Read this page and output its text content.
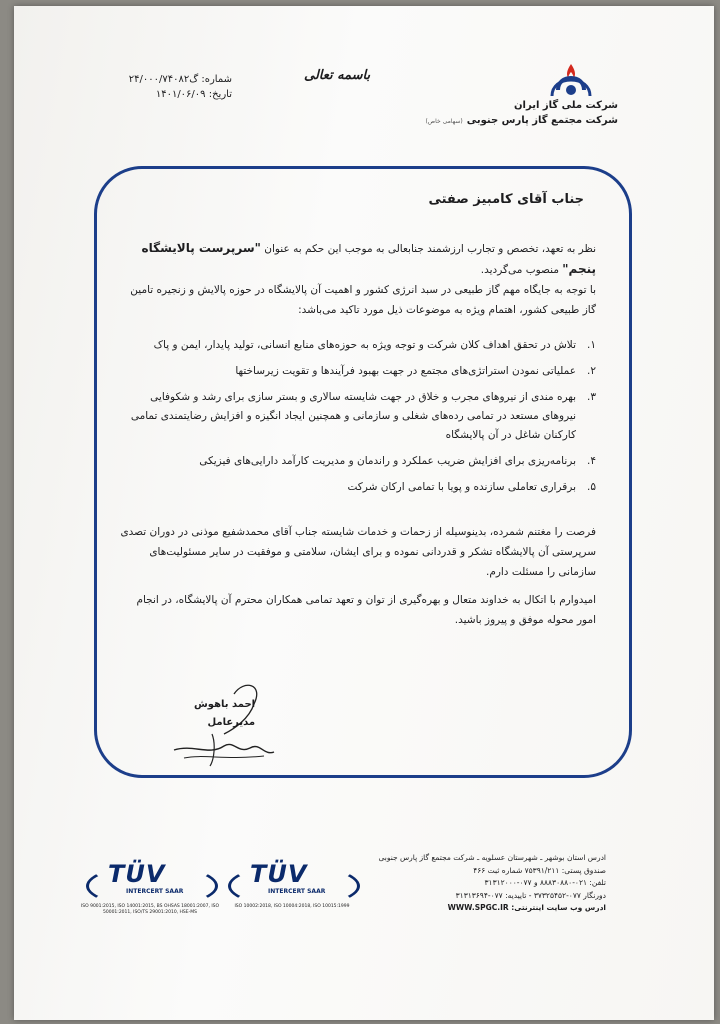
شرکت ملی گاز ایران
شرکت مجتمع گاز پارس جنوبی(سهامی خاص)
باسمه تعالی
شماره: گ۲۴/۰۰۰/۷۴۰۸۲
تاریخ: ۱۴۰۱/۰۶/۰۹
جناب آقای کامبیز صفتی
نظر به تعهد، تخصص و تجارب ارزشمند جنابعالی به موجب این حکم به عنوان "سرپرست پالایشگاه پنجم" منصوب می‌گردید.
با توجه به جایگاه مهم گاز طبیعی در سبد انرژی کشور و اهمیت آن پالایشگاه در حوزه پالایش و زنجیره تامین گاز طبیعی کشور، اهتمام ویژه به موضوعات ذیل مورد تاکید می‌باشد:
۱.
تلاش در تحقق اهداف کلان شرکت و توجه ویژه به حوزه‌های منابع انسانی، تولید پایدار، ایمن و پاک
۲.
عملیاتی نمودن استراتژی‌های مجتمع در جهت بهبود فرآیندها و تقویت زیرساختها
۳.
بهره مندی از نیروهای مجرب و خلاق در جهت شایسته سالاری و بستر سازی برای رشد و شکوفایی نیروهای مستعد در تمامی رده‌های شغلی و سازمانی و همچنین ایجاد انگیزه و افزایش رضایتمندی تمامی کارکنان شاغل در آن پالایشگاه
۴.
برنامه‌ریزی برای افزایش ضریب عملکرد و راندمان و مدیریت کارآمد دارایی‌های فیزیکی
۵.
برقراری تعاملی سازنده و پویا با تمامی ارکان شرکت
فرصت را مغتنم شمرده، بدینوسیله از زحمات و خدمات شایسته جناب آقای محمدشفیع موذنی در دوران تصدی سرپرستی آن پالایشگاه تشکر و قدردانی نموده و برای ایشان، سلامتی و موفقیت در سایر مسئولیت‌های سازمانی را مسئلت دارم.
امیدوارم با اتکال به خداوند متعال و بهره‌گیری از توان و تعهد تمامی همکاران محترم آن پالایشگاه، در انجام امور محوله موفق و پیروز باشید.
احمد باهوش
مدیرعامل
ادرس استان بوشهر ـ شهرستان عسلویه ـ شرکت مجتمع گاز پارس جنوبی
صندوق پستی: ۷۵۳۹۱/۲۱۱ شماره ثبت ۴۶۶
تلفن: ۰۲۱-۸۸۸۳۰۸۸۰ و ۰۷۷-۳۱۳۱۲۰۰۰
دورنگار ۰۷۷-۳۷۳۲۵۴۵۲ - تاییدیه: ۰۷۷-۳۱۳۱۳۶۹۴
ادرس وب سایت اینترنتی: WWW.SPGC.IR
TÜV
INTERCERT SAAR
ISO 10002:2018, ISO 10004:2018, ISO 10015:1999
TÜV
INTERCERT SAAR
ISO 9001:2015, ISO 14001:2015, BS OHSAS 18001:2007, ISO 50001:2011, ISO/TS 29001:2010, HSE-MS
